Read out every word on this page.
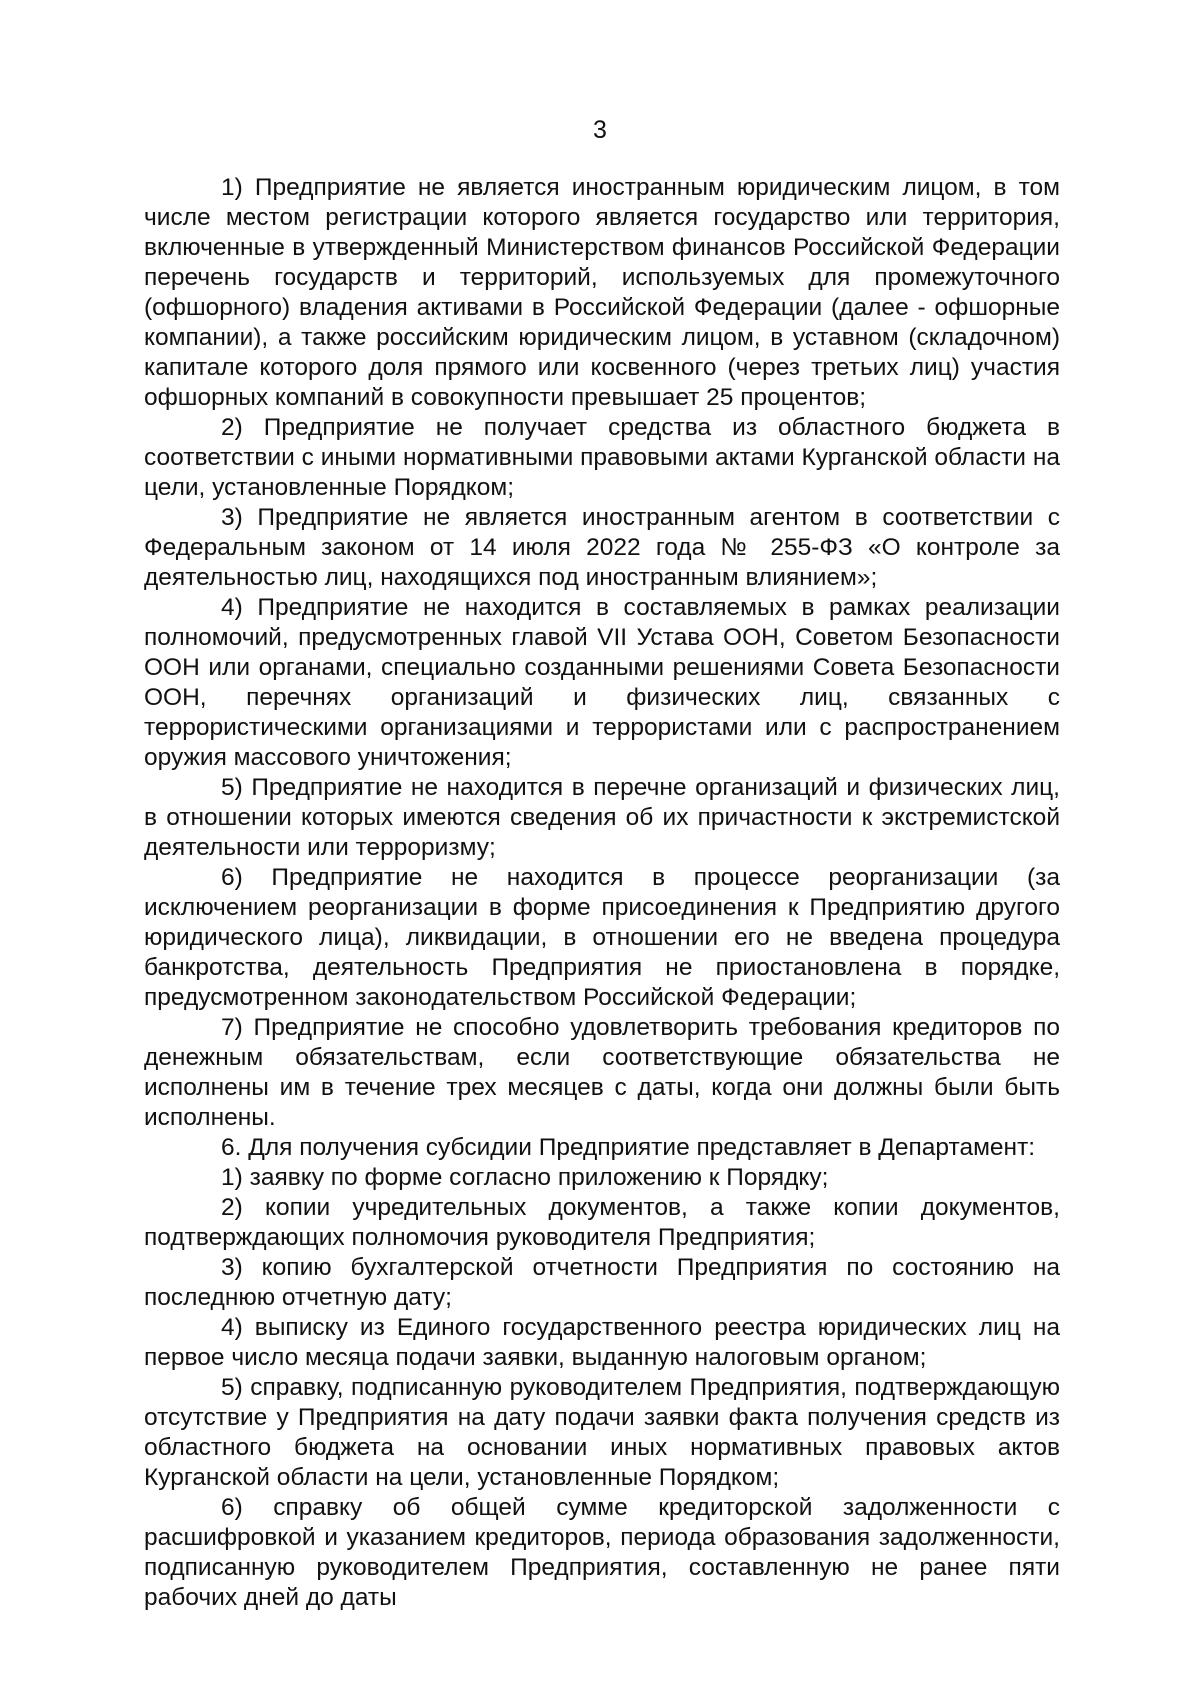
3

1) Предприятие не является иностранным юридическим лицом, в том числе местом регистрации которого является государство или территория, включенные в утвержденный Министерством финансов Российской Федерации перечень государств и территорий, используемых для промежуточного (офшорного) владения активами в Российской Федерации (далее - офшорные компании), а также российским юридическим лицом, в уставном (складочном) капитале которого доля прямого или косвенного (через третьих лиц) участия офшорных компаний в совокупности превышает 25 процентов;

2) Предприятие не получает средства из областного бюджета в соответствии с иными нормативными правовыми актами Курганской области на цели, установленные Порядком;

3) Предприятие не является иностранным агентом в соответствии с Федеральным законом от 14 июля 2022 года № 255-ФЗ «О контроле за деятельностью лиц, находящихся под иностранным влиянием»;

4) Предприятие не находится в составляемых в рамках реализации полномочий, предусмотренных главой VII Устава ООН, Советом Безопасности ООН или органами, специально созданными решениями Совета Безопасности ООН, перечнях организаций и физических лиц, связанных с террористическими организациями и террористами или с распространением оружия массового уничтожения;

5) Предприятие не находится в перечне организаций и физических лиц, в отношении которых имеются сведения об их причастности к экстремистской деятельности или терроризму;

6) Предприятие не находится в процессе реорганизации (за исключением реорганизации в форме присоединения к Предприятию другого юридического лица), ликвидации, в отношении его не введена процедура банкротства, деятельность Предприятия не приостановлена в порядке, предусмотренном законодательством Российской Федерации;

7) Предприятие не способно удовлетворить требования кредиторов по денежным обязательствам, если соответствующие обязательства не исполнены им в течение трех месяцев с даты, когда они должны были быть исполнены.

6. Для получения субсидии Предприятие представляет в Департамент:

1) заявку по форме согласно приложению к Порядку;

2) копии учредительных документов, а также копии документов, подтверждающих полномочия руководителя Предприятия;

3) копию бухгалтерской отчетности Предприятия по состоянию на последнюю отчетную дату;

4) выписку из Единого государственного реестра юридических лиц на первое число месяца подачи заявки, выданную налоговым органом;

5) справку, подписанную руководителем Предприятия, подтверждающую отсутствие у Предприятия на дату подачи заявки факта получения средств из областного бюджета на основании иных нормативных правовых актов Курганской области на цели, установленные Порядком;

6) справку об общей сумме кредиторской задолженности с расшифровкой и указанием кредиторов, периода образования задолженности, подписанную руководителем Предприятия, составленную не ранее пяти рабочих дней до даты
